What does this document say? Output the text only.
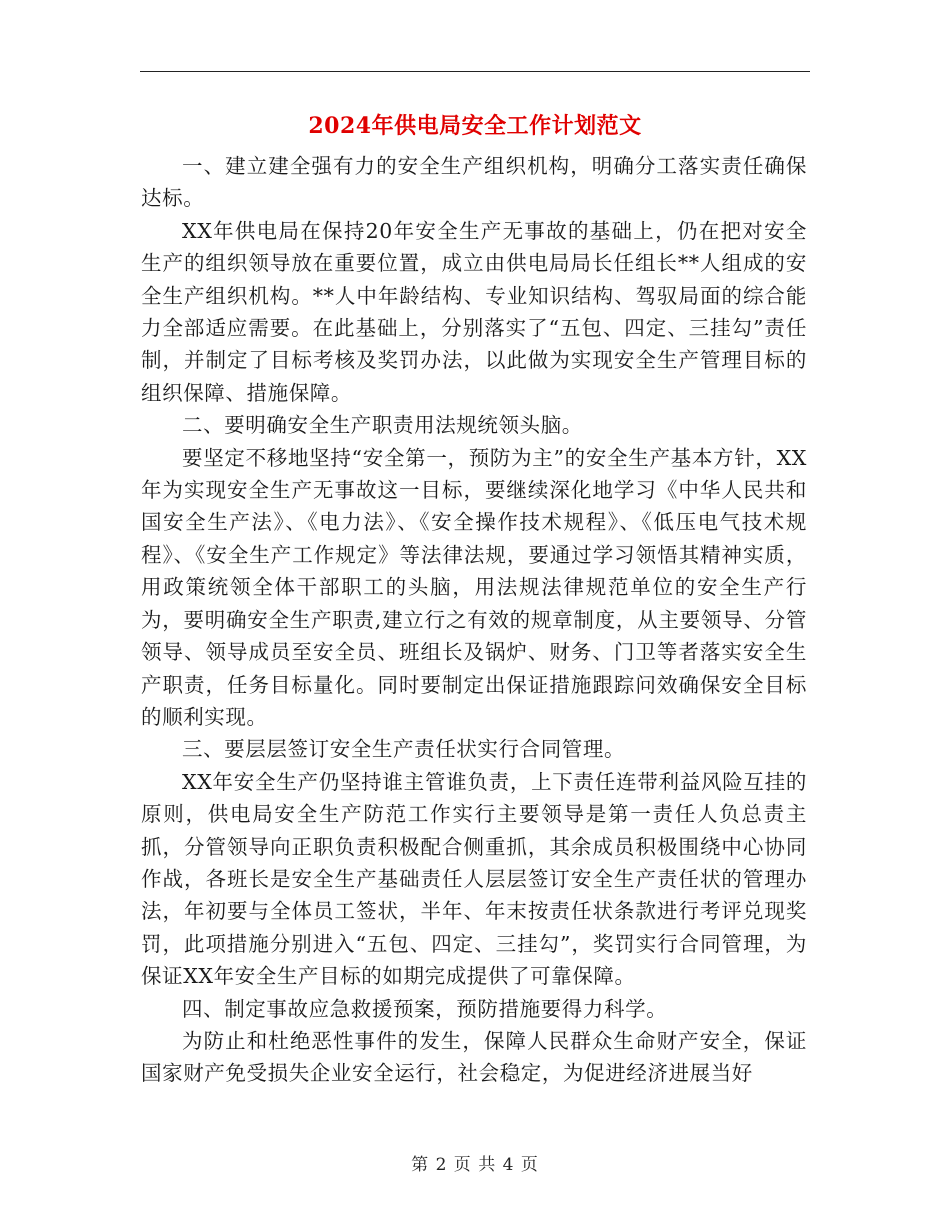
2024年供电局安全工作计划范文

一、建立建全强有力的安全生产组织机构，明确分工落实责任确保达标。

XX年供电局在保持20年安全生产无事故的基础上，仍在把对安全生产的组织领导放在重要位置，成立由供电局局长任组长**人组成的安全生产组织机构。**人中年龄结构、专业知识结构、驾驭局面的综合能力全部适应需要。在此基础上，分别落实了“五包、四定、三挂勾”责任制，并制定了目标考核及奖罚办法，以此做为实现安全生产管理目标的组织保障、措施保障。

二、要明确安全生产职责用法规统领头脑。

要坚定不移地坚持“安全第一，预防为主”的安全生产基本方针，XX年为实现安全生产无事故这一目标，要继续深化地学习《中华人民共和国安全生产法》、《电力法》、《安全操作技术规程》、《低压电气技术规程》、《安全生产工作规定》等法律法规，要通过学习领悟其精神实质，用政策统领全体干部职工的头脑，用法规法律规范单位的安全生产行为，要明确安全生产职责,建立行之有效的规章制度，从主要领导、分管领导、领导成员至安全员、班组长及锅炉、财务、门卫等者落实安全生产职责，任务目标量化。同时要制定出保证措施跟踪问效确保安全目标的顺利实现。

三、要层层签订安全生产责任状实行合同管理。

XX年安全生产仍坚持谁主管谁负责，上下责任连带利益风险互挂的原则，供电局安全生产防范工作实行主要领导是第一责任人负总责主抓，分管领导向正职负责积极配合侧重抓，其余成员积极围绕中心协同作战，各班长是安全生产基础责任人层层签订安全生产责任状的管理办法，年初要与全体员工签状，半年、年末按责任状条款进行考评兑现奖罚，此项措施分别进入“五包、四定、三挂勾”，奖罚实行合同管理，为保证XX年安全生产目标的如期完成提供了可靠保障。

四、制定事故应急救援预案，预防措施要得力科学。

为防止和杜绝恶性事件的发生，保障人民群众生命财产安全，保证国家财产免受损失企业安全运行，社会稳定，为促进经济进展当好

第 2 页 共 4 页
